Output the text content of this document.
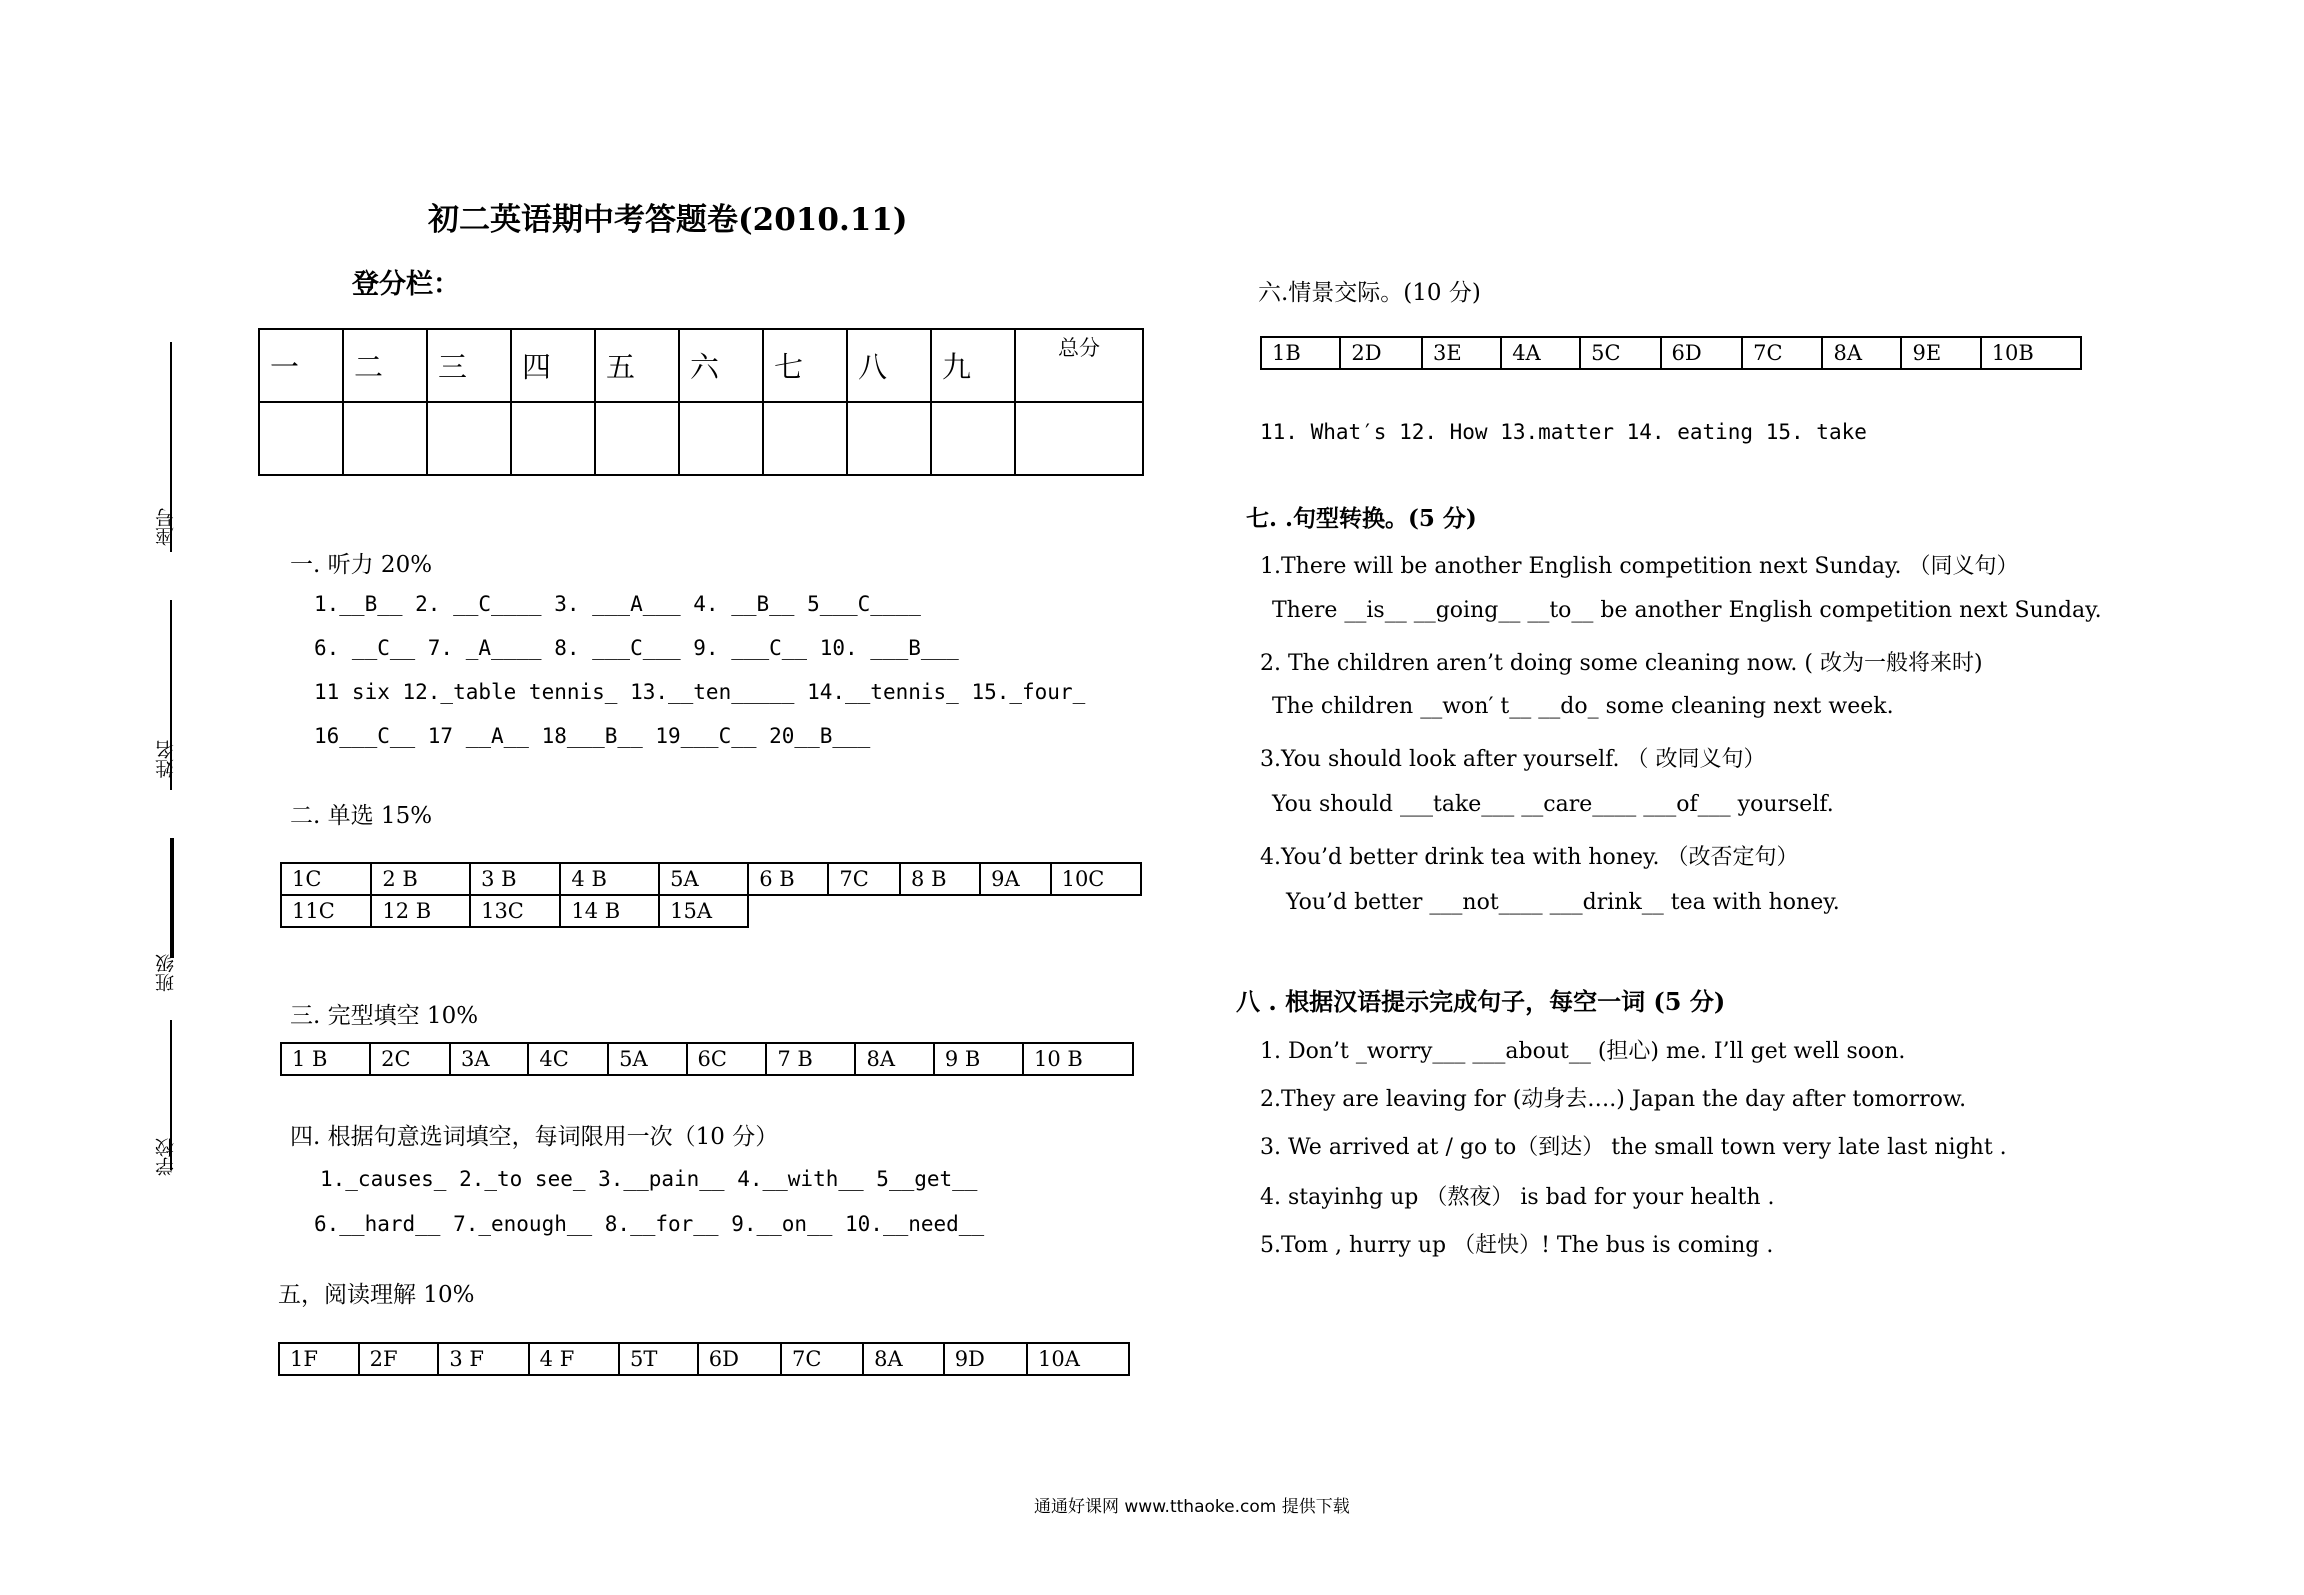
初二英语期中考答题卷(2010.11)
登分栏：
一	二	三	四	五	六	七	八	九	总分

座号
姓名
班级
学校
一. 听力 20%
1.__B__ 2. __C____ 3. ___A___ 4. __B__ 5___C____
6. __C__ 7. _A____ 8. ___C___ 9. ___C__ 10. ___B___
11 six 12._table tennis_ 13.__ten_____ 14.__tennis_ 15._four_
16___C__ 17 __A__ 18___B__ 19___C__ 20__B___
二. 单选 15%
1C	2 B	3 B	4 B	5A	6 B	7C	8 B	9A	10C
11C	12 B	13C	14 B	15A					
三. 完型填空 10%
1 B	2C	3A	4C	5A	6C	7 B	8A	9 B	10 B
四. 根据句意选词填空，每词限用一次（10 分）
1._causes_ 2._to see_ 3.__pain__ 4.__with__ 5__get__
6.__hard__ 7._enough__ 8.__for__ 9.__on__ 10.__need__
五，阅读理解 10%
1F	2F	3 F	4 F	5T	6D	7C	8A	9D	10A
六.情景交际。(10 分)
1B	2D	3E	4A	5C	6D	7C	8A	9E	10B
11. What′s 12. How 13.matter 14. eating 15. take
七. .句型转换。(5 分)
1.There will be another English competition next Sunday. （同义句）
There __is__ __going__ __to__ be another English competition next Sunday.
2. The children aren’t doing some cleaning now. ( 改为一般将来时)
The children __won′ t__ __do_ some cleaning next week.
3.You should look after yourself. （ 改同义句）
You should ___take___ __care____ ___of___ yourself.
4.You’d better drink tea with honey. （改否定句）
You’d better ___not____ ___drink__ tea with honey.
八 . 根据汉语提示完成句子，每空一词 (5 分)
1. Don’t _worry___ ___about__ (担心) me. I’ll get well soon.
2.They are leaving for (动身去….) Japan the day after tomorrow.
3. We arrived at / go to（到达） the small town very late last night .
4. stayinhg up （熬夜） is bad for your health .
5.Tom , hurry up （赶快）! The bus is coming .
通通好课网 www.tthaoke.com 提供下载
